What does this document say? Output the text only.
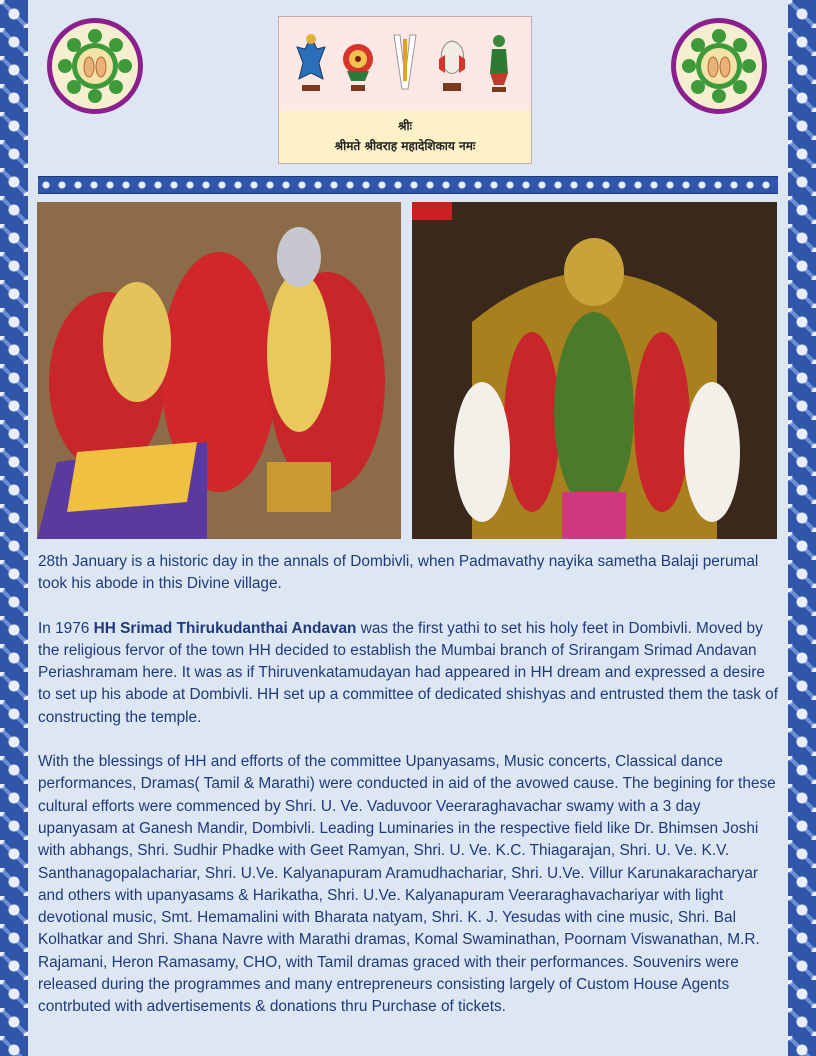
श्रीः
श्रीमते श्रीवराह महादेशिकाय नमः

28th January is a historic day in the annals of Dombivli, when Padmavathy nayika sametha Balaji perumal took his abode in this Divine village.

In 1976 HH Srimad Thirukudanthai Andavan was the first yathi to set his holy feet in Dombivli. Moved by the religious fervor of the town HH decided to establish the Mumbai branch of Srirangam Srimad Andavan Periashramam here. It was as if Thiruvenkatamudayan had appeared in HH dream and expressed a desire to set up his abode at Dombivli. HH set up a committee of dedicated shishyas and entrusted them the task of constructing the temple.

With the blessings of HH and efforts of the committee Upanyasams, Music concerts, Classical dance performances, Dramas( Tamil & Marathi) were conducted in aid of the avowed cause. The begining for these cultural efforts were commenced by Shri. U. Ve. Vaduvoor Veeraraghavachar swamy with a 3 day upanyasam at Ganesh Mandir, Dombivli. Leading Luminaries in the respective field like Dr. Bhimsen Joshi with abhangs, Shri. Sudhir Phadke with Geet Ramyan, Shri. U. Ve. K.C. Thiagarajan, Shri. U. Ve. K.V. Santhanagopalachariar, Shri. U.Ve. Kalyanapuram Aramudhachariar, Shri. U.Ve. Villur Karunakaracharyar and others with upanyasams & Harikatha, Shri. U.Ve. Kalyanapuram Veeraraghavachariyar with light devotional music, Smt. Hemamalini with Bharata natyam, Shri. K. J. Yesudas with cine music, Shri. Bal Kolhatkar and Shri. Shana Navre with Marathi dramas, Komal Swaminathan, Poornam Viswanathan, M.R. Rajamani, Heron Ramasamy, CHO, with Tamil dramas graced with their performances. Souvenirs were released during the programmes and many entrepreneurs consisting largely of Custom House Agents contrbuted with advertisements & donations thru Purchase of tickets.
